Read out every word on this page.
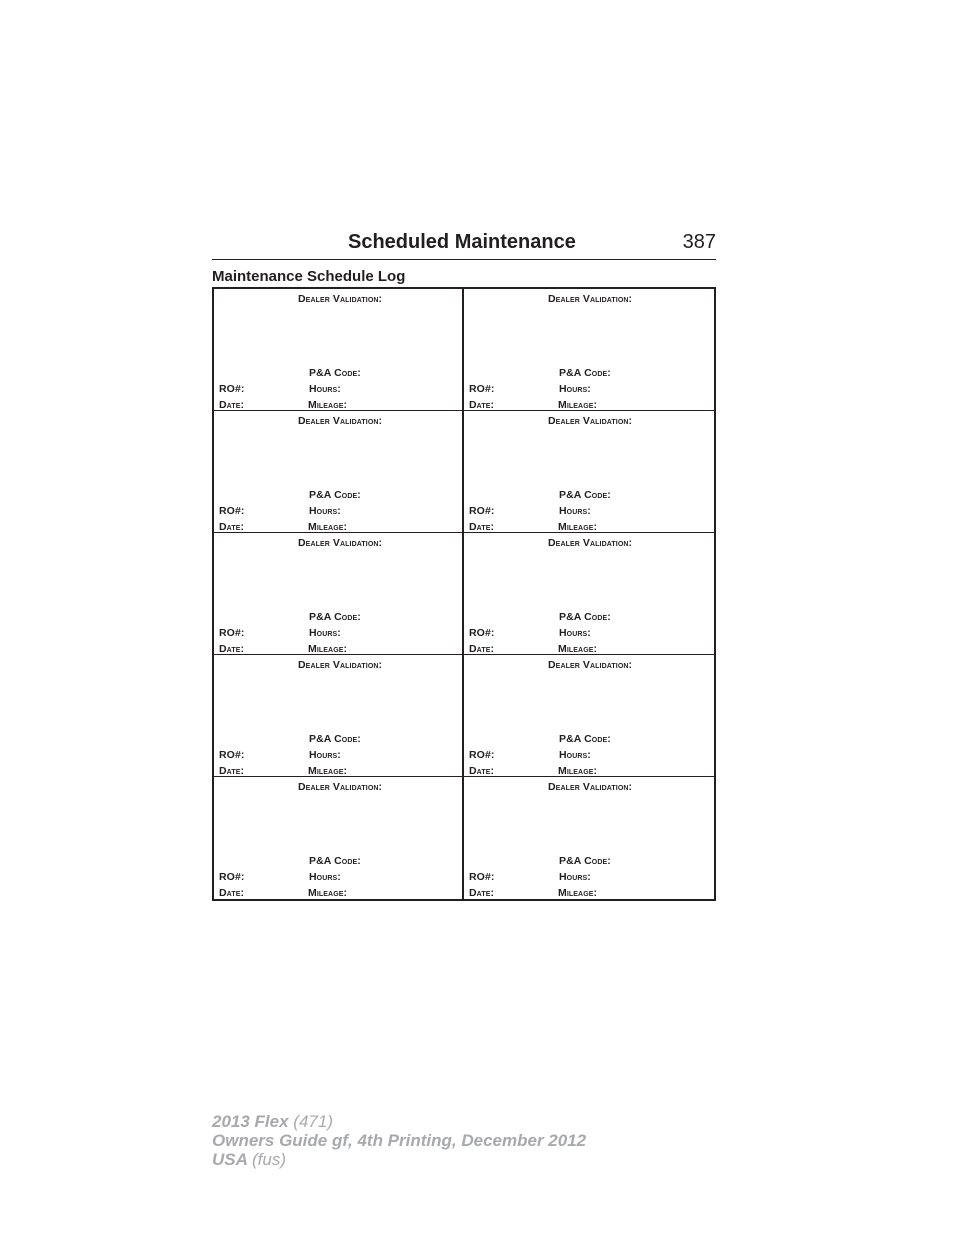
Scheduled Maintenance	387
Maintenance Schedule Log
Dealer Validation:
P&A Code:
RO#:	Hours:
Date:	Mileage:
Dealer Validation:
P&A Code:
RO#:	Hours:
Date:	Mileage:
Dealer Validation:
P&A Code:
RO#:	Hours:
Date:	Mileage:
Dealer Validation:
P&A Code:
RO#:	Hours:
Date:	Mileage:
Dealer Validation:
P&A Code:
RO#:	Hours:
Date:	Mileage:
Dealer Validation:
P&A Code:
RO#:	Hours:
Date:	Mileage:
Dealer Validation:
P&A Code:
RO#:	Hours:
Date:	Mileage:
Dealer Validation:
P&A Code:
RO#:	Hours:
Date:	Mileage:
Dealer Validation:
P&A Code:
RO#:	Hours:
Date:	Mileage:
Dealer Validation:
P&A Code:
RO#:	Hours:
Date:	Mileage:
2013 Flex (471)
Owners Guide gf, 4th Printing, December 2012
USA (fus)
